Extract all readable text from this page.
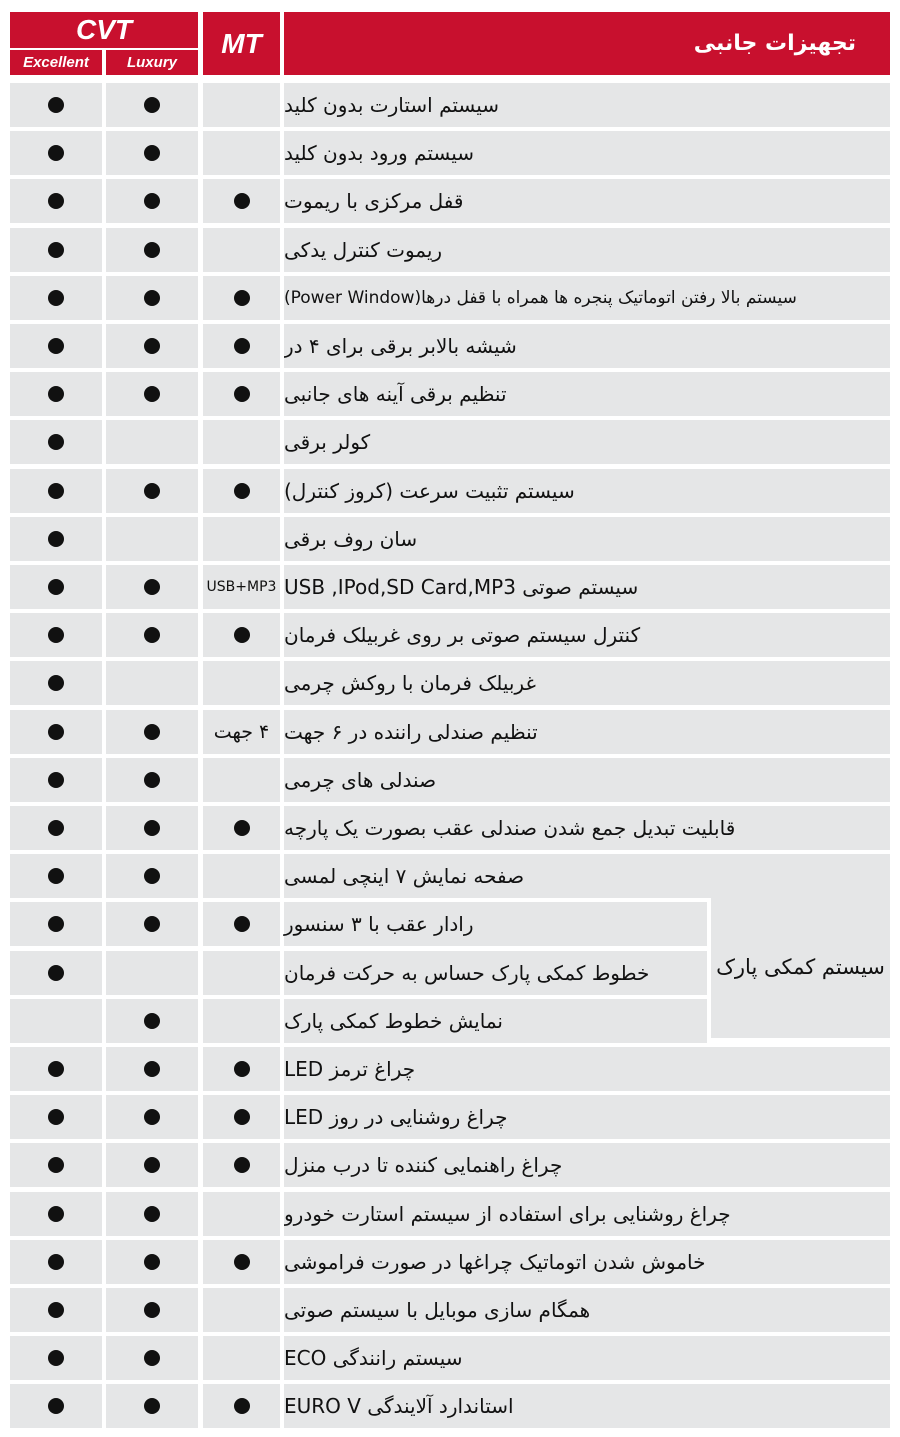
CVT
Excellent	Luxury
MT	تجهیزات جانبی
سیستم استارت بدون کلید
سیستم ورود بدون کلید
قفل مرکزی با ریموت
ریموت کنترل یدکی
سیستم بالا رفتن اتوماتیک پنجره ها همراه با قفل درها(Power Window)
شیشه بالابر برقی برای ۴ در
تنظیم برقی آینه های جانبی
کولر برقی
سیستم تثبیت سرعت (کروز کنترل)
سان روف برقی
USB+MP3 سیستم صوتی USB ,IPod,SD Card,MP3
کنترل سیستم صوتی بر روی غربیلک فرمان
غربیلک فرمان با روکش چرمی
۴ جهت تنظیم صندلی راننده در ۶ جهت
صندلی های چرمی
قابلیت تبدیل جمع شدن صندلی عقب بصورت یک پارچه
صفحه نمایش ۷ اینچی لمسی
رادار عقب با ۳ سنسور
خطوط کمکی پارک حساس به حرکت فرمان
نمایش خطوط کمکی پارک
چراغ ترمز LED
چراغ روشنایی در روز LED
چراغ راهنمایی کننده تا درب منزل
چراغ روشنایی برای استفاده از سیستم استارت خودرو
خاموش شدن اتوماتیک چراغها در صورت فراموشی
همگام سازی موبایل با سیستم صوتی
سیستم رانندگی ECO
استاندارد آلایندگی EURO V
سیستم کمکی پارک
